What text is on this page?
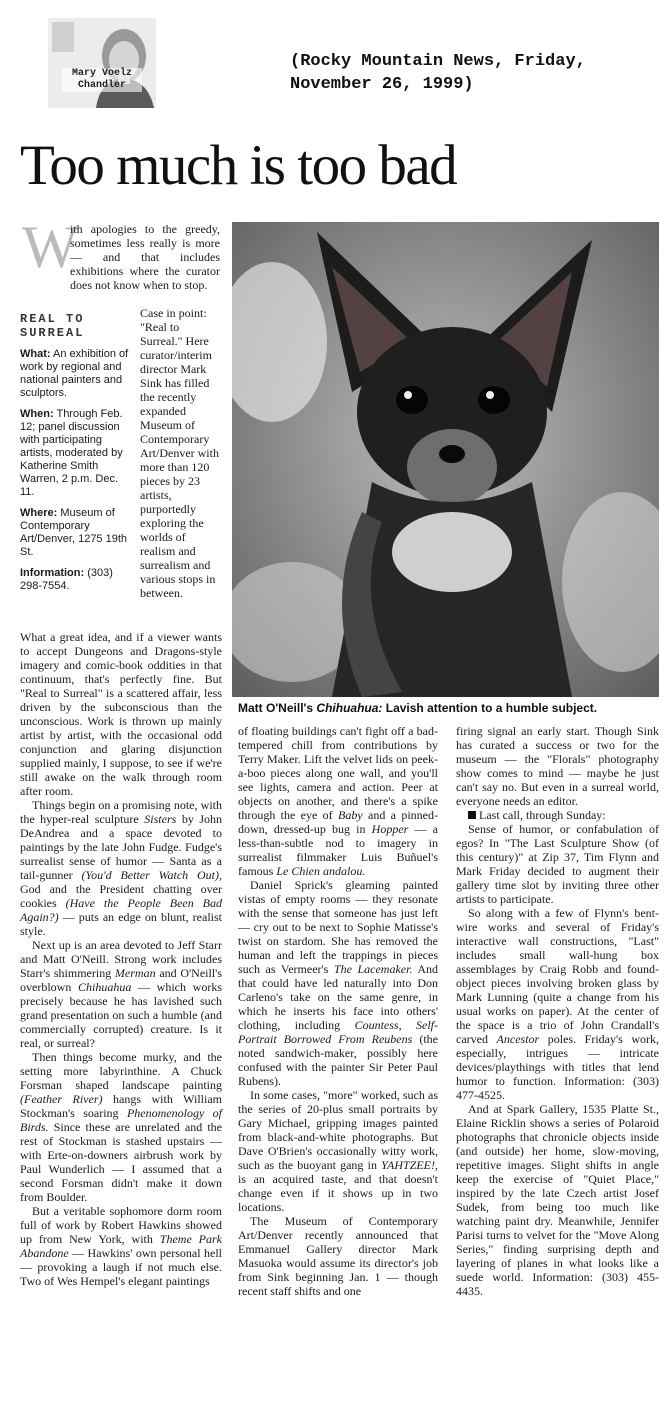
Mary Voelz Chandler
(Rocky Mountain News, Friday, November 26, 1999)
Too much is too bad
Matt O'Neill's Chihuahua: Lavish attention to a humble subject.
W

ith apologies to the greedy, sometimes less really is more — and that includes exhibitions where the curator does not know when to stop.

REAL TO SURREAL
What: An exhibition of work by regional and national painters and sculptors.
When: Through Feb. 12; panel discussion with participating artists, moderated by Katherine Smith Warren, 2 p.m. Dec. 11.
Where: Museum of Contemporary Art/Denver, 1275 19th St.
Information: (303) 298-7554.

Case in point: "Real to Surreal." Here curator/interim director Mark Sink has filled the recently expanded Museum of Contemporary Art/Denver with more than 120 pieces by 23 artists, purportedly exploring the worlds of realism and surrealism and various stops in between.

What a great idea, and if a viewer wants to accept Dungeons and Dragons-style imagery and comic-book oddities in that continuum, that's perfectly fine. But "Real to Surreal" is a scattered affair, less driven by the subconscious than the unconscious. Work is thrown up mainly artist by artist, with the occasional odd conjunction and glaring disjunction supplied mainly, I suppose, to see if we're still awake on the walk through room after room.

Things begin on a promising note, with the hyper-real sculpture Sisters by John DeAndrea and a space devoted to paintings by the late John Fudge. Fudge's surrealist sense of humor — Santa as a tail-gunner (You'd Better Watch Out), God and the President chatting over cookies (Have the People Been Bad Again?) — puts an edge on blunt, realist style.

Next up is an area devoted to Jeff Starr and Matt O'Neill. Strong work includes Starr's shimmering Merman and O'Neill's overblown Chihuahua — which works precisely because he has lavished such grand presentation on such a humble (and commercially corrupted) creature. Is it real, or surreal?

Then things become murky, and the setting more labyrinthine. A Chuck Forsman shaped landscape painting (Feather River) hangs with William Stockman's soaring Phenomenology of Birds. Since these are unrelated and the rest of Stockman is stashed upstairs — with Erte-on-downers airbrush work by Paul Wunderlich — I assumed that a second Forsman didn't make it down from Boulder.

But a veritable sophomore dorm room full of work by Robert Hawkins showed up from New York, with Theme Park Abandone — Hawkins' own personal hell — provoking a laugh if not much else. Two of Wes Hempel's elegant paintings

of floating buildings can't fight off a bad-tempered chill from contributions by Terry Maker. Lift the velvet lids on peek-a-boo pieces along one wall, and you'll see lights, camera and action. Peer at objects on another, and there's a spike through the eye of Baby and a pinned-down, dressed-up bug in Hopper — a less-than-subtle nod to imagery in surrealist filmmaker Luis Buñuel's famous Le Chien andalou.

Daniel Sprick's gleaming painted vistas of empty rooms — they resonate with the sense that someone has just left — cry out to be next to Sophie Matisse's twist on stardom. She has removed the human and left the trappings in pieces such as Vermeer's The Lacemaker. And that could have led naturally into Don Carleno's take on the same genre, in which he inserts his face into others' clothing, including Countess, Self-Portrait Borrowed From Reubens (the noted sandwich-maker, possibly here confused with the painter Sir Peter Paul Rubens).

In some cases, "more" worked, such as the series of 20-plus small portraits by Gary Michael, gripping images painted from black-and-white photographs. But Dave O'Brien's occasionally witty work, such as the buoyant gang in YAHTZEE!, is an acquired taste, and that doesn't change even if it shows up in two locations.

The Museum of Contemporary Art/Denver recently announced that Emmanuel Gallery director Mark Masuoka would assume its director's job from Sink beginning Jan. 1 — though recent staff shifts and one

firing signal an early start. Though Sink has curated a success or two for the museum — the "Florals" photography show comes to mind — maybe he just can't say no. But even in a surreal world, everyone needs an editor.

Last call, through Sunday:

Sense of humor, or confabulation of egos? In "The Last Sculpture Show (of this century)" at Zip 37, Tim Flynn and Mark Friday decided to augment their gallery time slot by inviting three other artists to participate.

So along with a few of Flynn's bent-wire works and several of Friday's interactive wall constructions, "Last" includes small wall-hung box assemblages by Craig Robb and found-object pieces involving broken glass by Mark Lunning (quite a change from his usual works on paper). At the center of the space is a trio of John Crandall's carved Ancestor poles. Friday's work, especially, intrigues — intricate devices/playthings with titles that lend humor to function. Information: (303) 477-4525.

And at Spark Gallery, 1535 Platte St., Elaine Ricklin shows a series of Polaroid photographs that chronicle objects inside (and outside) her home, slow-moving, repetitive images. Slight shifts in angle keep the exercise of "Quiet Place," inspired by the late Czech artist Josef Sudek, from being too much like watching paint dry. Meanwhile, Jennifer Parisi turns to velvet for the "Move Along Series," finding surprising depth and layering of planes in what looks like a suede world. Information: (303) 455-4435.
